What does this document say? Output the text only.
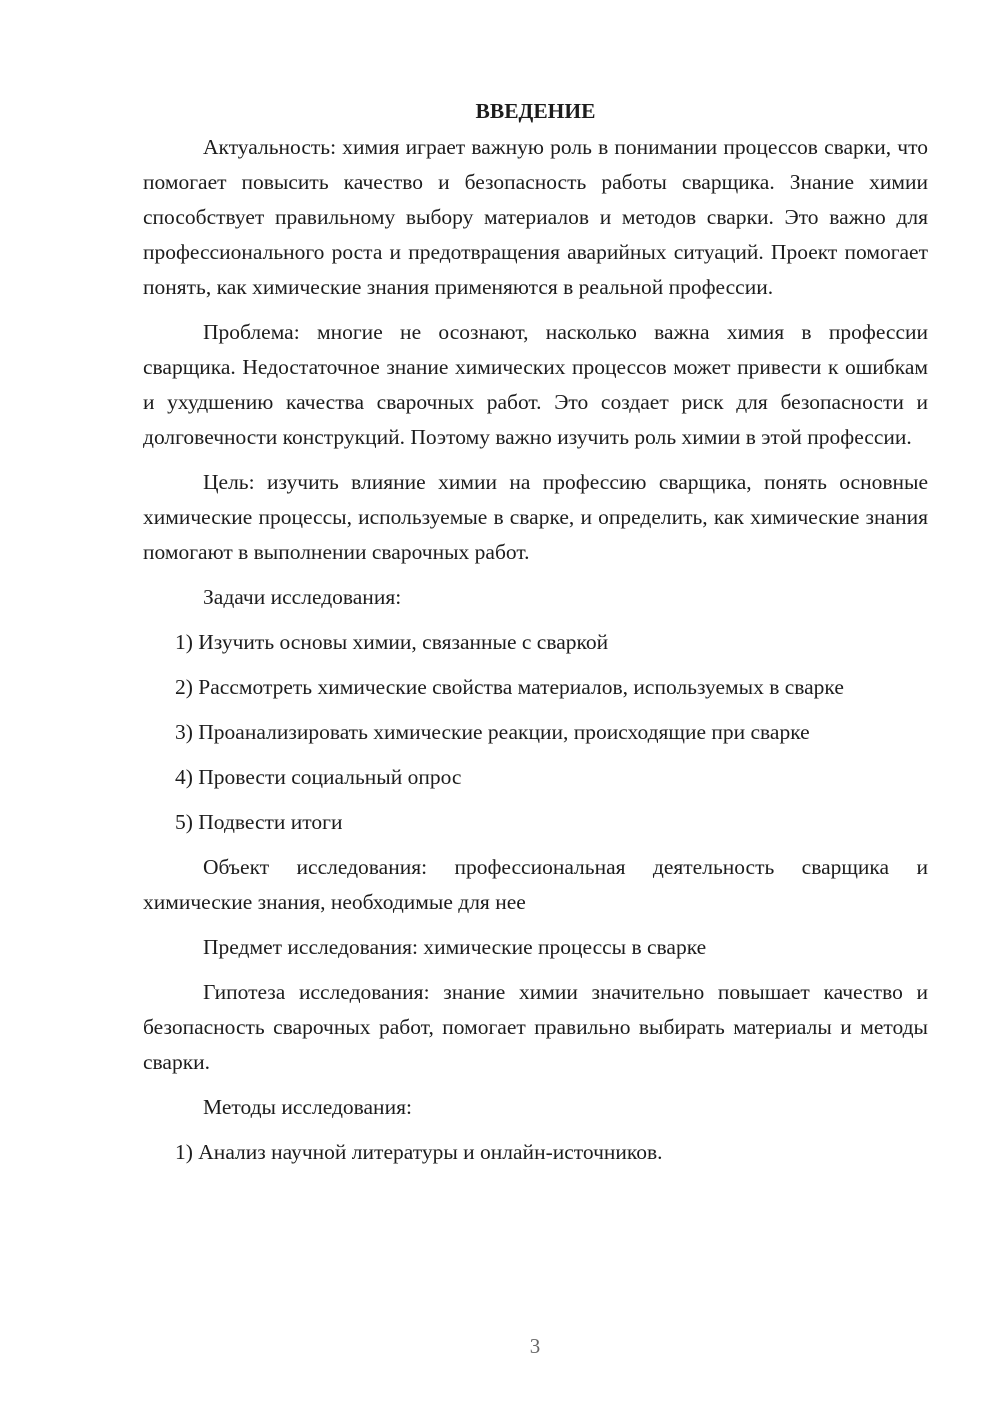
ВВЕДЕНИЕ

Актуальность: химия играет важную роль в понимании процессов сварки, что помогает повысить качество и безопасность работы сварщика. Знание химии способствует правильному выбору материалов и методов сварки. Это важно для профессионального роста и предотвращения аварийных ситуаций. Проект помогает понять, как химические знания применяются в реальной профессии.

Проблема: многие не осознают, насколько важна химия в профессии сварщика. Недостаточное знание химических процессов может привести к ошибкам и ухудшению качества сварочных работ. Это создает риск для безопасности и долговечности конструкций. Поэтому важно изучить роль химии в этой профессии.

Цель: изучить влияние химии на профессию сварщика, понять основные химические процессы, используемые в сварке, и определить, как химические знания помогают в выполнении сварочных работ.

Задачи исследования:

1) Изучить основы химии, связанные с сваркой

2) Рассмотреть химические свойства материалов, используемых в сварке

3) Проанализировать химические реакции, происходящие при сварке

4) Провести социальный опрос

5) Подвести итоги

Объект исследования: профессиональная деятельность сварщика и химические знания, необходимые для нее

Предмет исследования: химические процессы в сварке

Гипотеза исследования: знание химии значительно повышает качество и безопасность сварочных работ, помогает правильно выбирать материалы и методы сварки.

Методы исследования:

1) Анализ научной литературы и онлайн-источников.

3
